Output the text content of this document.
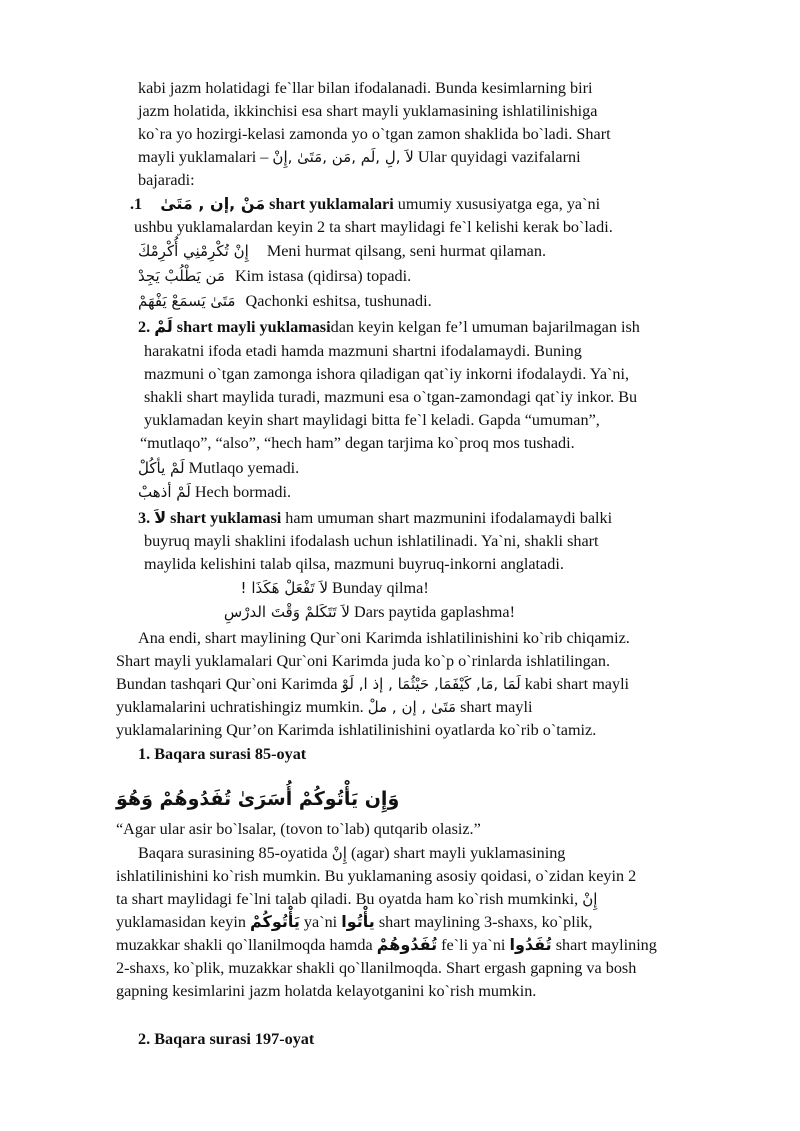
kabi jazm holatidagi fe`llar bilan ifodalanadi. Bunda kesimlarning biri
jazm holatida, ikkinchisi esa shart mayli yuklamasining ishlatilinishiga
ko`ra yo hozirgi-kelasi zamonda yo o`tgan zamon shaklida bo`ladi. Shart
mayli yuklamalari – لاَ ,لِ ,لَم ,مَن ,مَتَىٰ ,إِنْ Ular quyidagi vazifalarni
bajaradi:
.1 مَنْ ,إن , مَتَىٰ shart yuklamalari umumiy xususiyatga ega, ya`ni
ushbu yuklamalardan keyin 2 ta shart maylidagi fe`l kelishi kerak bo`ladi.
إِنْ تُكْرِمْنِي أُكْرِمْكَ Meni hurmat qilsang, seni hurmat qilaman.
مَن يَطْلُبْ يَجِدْ Kim istasa (qidirsa) topadi.
مَتَىٰ يَسمَعْ يَفْهَمْ Qachonki eshitsa, tushunadi.
2. لَمْ shart mayli yuklamasidan keyin kelgan fe’l umuman bajarilmagan ish
harakatni ifoda etadi hamda mazmuni shartni ifodalamaydi. Buning
mazmuni o`tgan zamonga ishora qiladigan qat`iy inkorni ifodalaydi. Ya`ni,
shakli shart maylida turadi, mazmuni esa o`tgan-zamondagi qat`iy inkor. Bu
yuklamadan keyin shart maylidagi bitta fe`l keladi. Gapda “umuman”,
“mutlaqo”, “also”, “hech ham” degan tarjima ko`proq mos tushadi.
لَمْ يأكُلْ Mutlaqo yemadi.
لَمْ أذهبْ Hech bormadi.
3. لاَ shart yuklamasi ham umuman shart mazmunini ifodalamaydi balki
buyruq mayli shaklini ifodalash uchun ishlatilinadi. Ya`ni, shakli shart
maylida kelishini talab qilsa, mazmuni buyruq-inkorni anglatadi.
لاَ تَفْعَلْ هَكَذَا ! Bunday qilma!
لاَ تَتَكَلمْ وَقْتَ الدرْسِ Dars paytida gaplashma!
Ana endi, shart maylining Qur`oni Karimda ishlatilinishini ko`rib chiqamiz.
Shart mayli yuklamalari Qur`oni Karimda juda ko`p o`rinlarda ishlatilingan.
Bundan tashqari Qur`oni Karimda لَمَا ,مَا, كَيْفَمَا, حَيْثُمَا , إذ ا, لَوْ kabi shart mayli
yuklamalarini uchratishingiz mumkin. مَتَىٰ , إن , ملْ shart mayli
yuklamalarining Qur’on Karimda ishlatilinishini oyatlarda ko`rib o`tamiz.
1. Baqara surasi 85-oyat
وَإِن يَأْتُوكُمْ أُسَرَىٰ تُفَدُوهُمْ وَهُوَ
“Agar ular asir bo`lsalar, (tovon to`lab) qutqarib olasiz.”
Baqara surasining 85-oyatida إِنْ (agar) shart mayli yuklamasining
ishlatilinishini ko`rish mumkin. Bu yuklamaning asosiy qoidasi, o`zidan keyin 2
ta shart maylidagi fe`lni talab qiladi. Bu oyatda ham ko`rish mumkinki, إِنْ
yuklamasidan keyin يَأْتُوكُمْ ya`ni يأْتُوا shart maylining 3-shaxs, ko`plik,
muzakkar shakli qo`llanilmoqda hamda تُفَدُوهُمْ fe`li ya`ni تُفَدُوا shart maylining
2-shaxs, ko`plik, muzakkar shakli qo`llanilmoqda. Shart ergash gapning va bosh
gapning kesimlarini jazm holatda kelayotganini ko`rish mumkin.
2. Baqara surasi 197-oyat
